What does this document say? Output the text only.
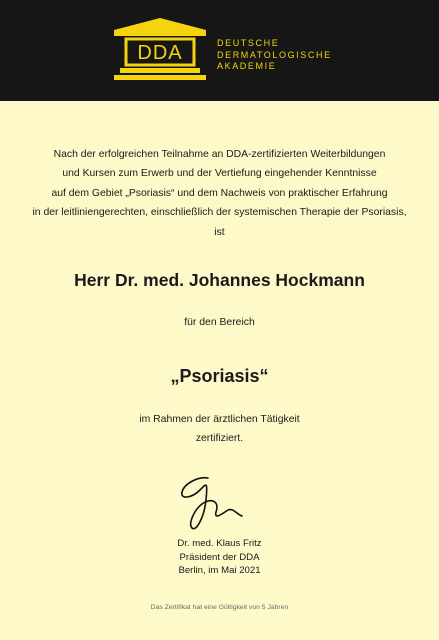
DDA	DEUTSCHE
DERMATOLOGISCHE
AKADEMIE
Nach der erfolgreichen Teilnahme an DDA-zertifizierten Weiterbildungen
und Kursen zum Erwerb und der Vertiefung eingehender Kenntnisse
auf dem Gebiet „Psoriasis“ und dem Nachweis von praktischer Erfahrung
in der leitliniengerechten, einschließlich der systemischen Therapie der Psoriasis,
ist
Herr Dr. med. Johannes Hockmann
für den Bereich
„Psoriasis“
im Rahmen der ärztlichen Tätigkeit
zertifiziert.
Dr. med. Klaus Fritz
Präsident der DDA
Berlin, im Mai 2021
Das Zertifikat hat eine Gültigkeit von 5 Jahren
